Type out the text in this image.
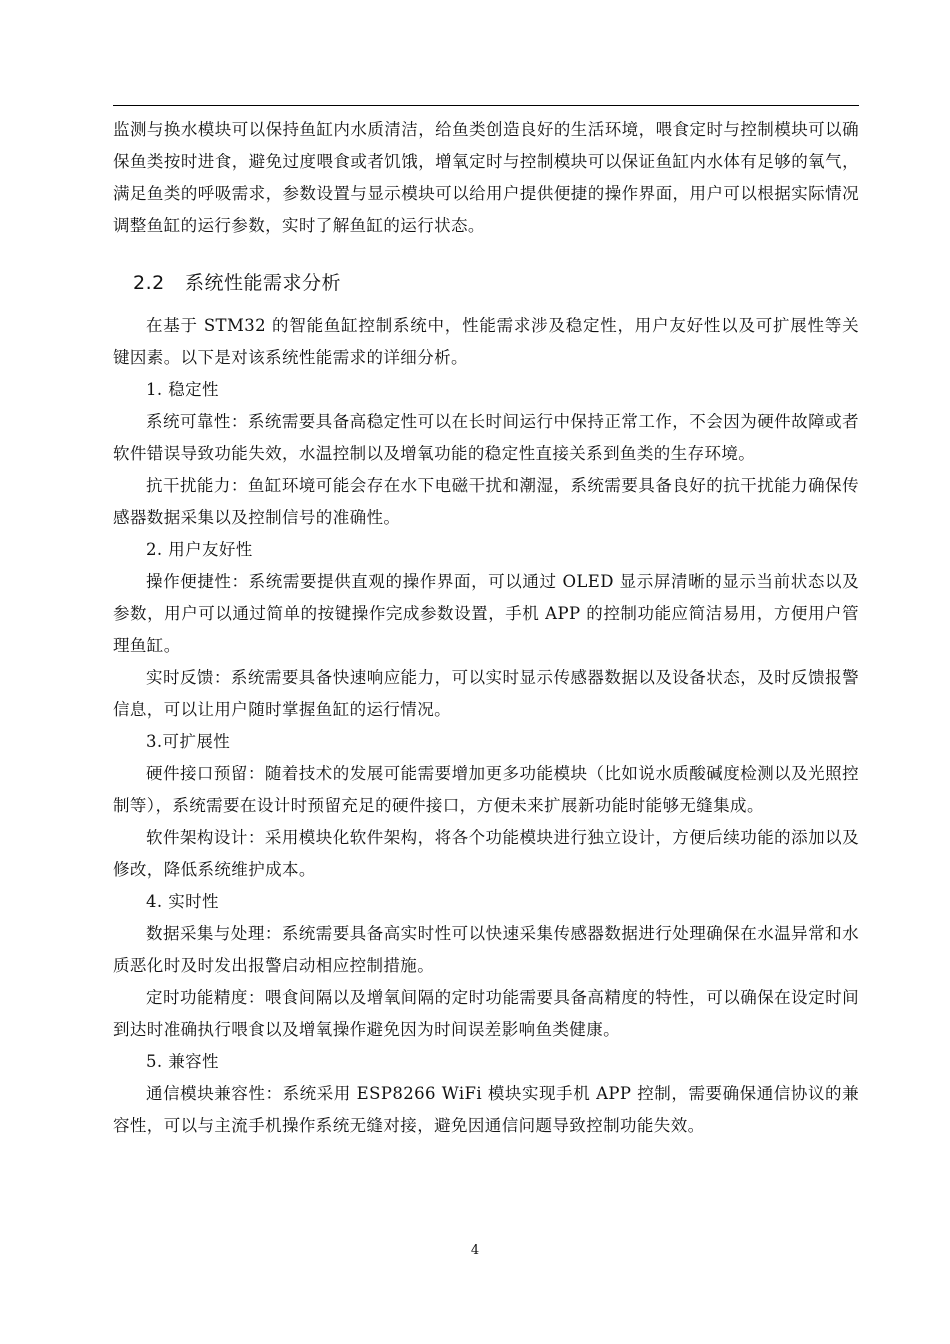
监测与换水模块可以保持鱼缸内水质清洁，给鱼类创造良好的生活环境，喂食定时与控制模块可以确保鱼类按时进食，避免过度喂食或者饥饿，增氧定时与控制模块可以保证鱼缸内水体有足够的氧气，满足鱼类的呼吸需求，参数设置与显示模块可以给用户提供便捷的操作界面，用户可以根据实际情况调整鱼缸的运行参数，实时了解鱼缸的运行状态。

2.2 系统性能需求分析

在基于 STM32 的智能鱼缸控制系统中，性能需求涉及稳定性，用户友好性以及可扩展性等关键因素。以下是对该系统性能需求的详细分析。

1. 稳定性

系统可靠性：系统需要具备高稳定性可以在长时间运行中保持正常工作，不会因为硬件故障或者软件错误导致功能失效，水温控制以及增氧功能的稳定性直接关系到鱼类的生存环境。

抗干扰能力：鱼缸环境可能会存在水下电磁干扰和潮湿，系统需要具备良好的抗干扰能力确保传感器数据采集以及控制信号的准确性。

2. 用户友好性

操作便捷性：系统需要提供直观的操作界面，可以通过 OLED 显示屏清晰的显示当前状态以及参数，用户可以通过简单的按键操作完成参数设置，手机 APP 的控制功能应简洁易用，方便用户管理鱼缸。

实时反馈：系统需要具备快速响应能力，可以实时显示传感器数据以及设备状态，及时反馈报警信息，可以让用户随时掌握鱼缸的运行情况。

3.可扩展性

硬件接口预留：随着技术的发展可能需要增加更多功能模块（比如说水质酸碱度检测以及光照控制等），系统需要在设计时预留充足的硬件接口，方便未来扩展新功能时能够无缝集成。

软件架构设计：采用模块化软件架构，将各个功能模块进行独立设计，方便后续功能的添加以及修改，降低系统维护成本。

4. 实时性

数据采集与处理：系统需要具备高实时性可以快速采集传感器数据进行处理确保在水温异常和水质恶化时及时发出报警启动相应控制措施。

定时功能精度：喂食间隔以及增氧间隔的定时功能需要具备高精度的特性，可以确保在设定时间到达时准确执行喂食以及增氧操作避免因为时间误差影响鱼类健康。

5. 兼容性

通信模块兼容性：系统采用 ESP8266 WiFi 模块实现手机 APP 控制，需要确保通信协议的兼容性，可以与主流手机操作系统无缝对接，避免因通信问题导致控制功能失效。

4
